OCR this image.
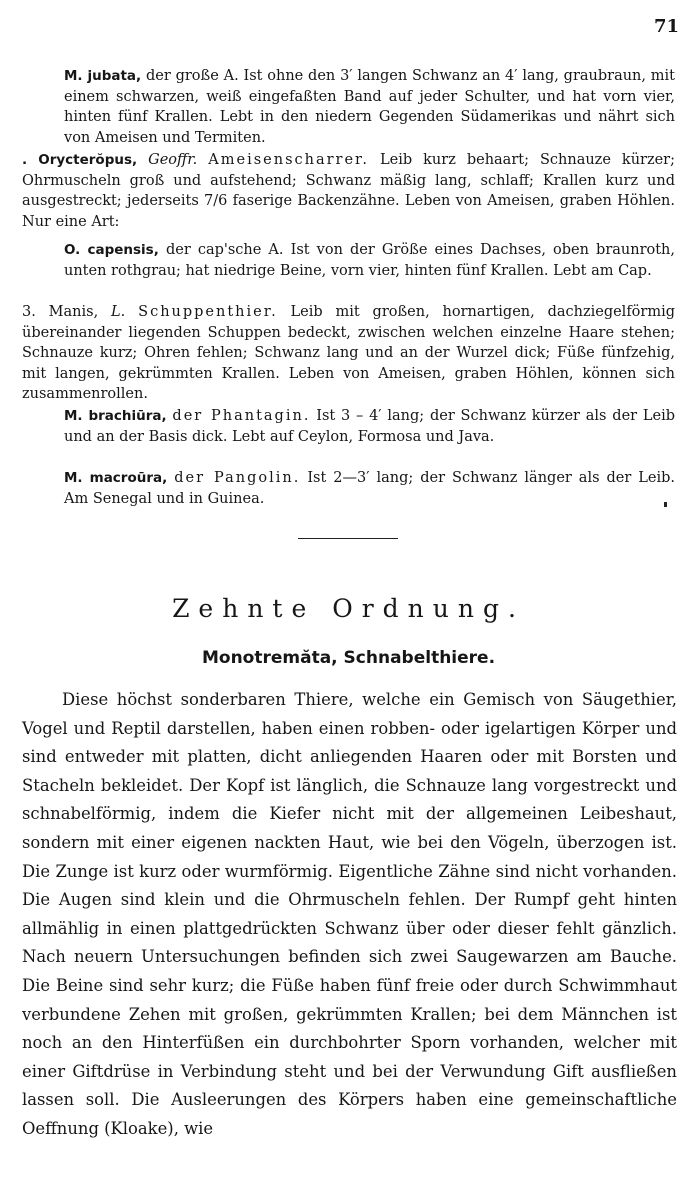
71

M. jubata, der große A. Ist ohne den 3′ langen Schwanz an 4′ lang, graubraun, mit einem schwarzen, weiß eingefaßten Band auf jeder Schulter, und hat vorn vier, hinten fünf Krallen. Lebt in den niedern Gegenden Südamerikas und nährt sich von Ameisen und Termiten.

. Orycterŏpus, Geoffr. Ameisenscharrer. Leib kurz behaart; Schnauze kürzer; Ohrmuscheln groß und aufstehend; Schwanz mäßig lang, schlaff; Krallen kurz und ausgestreckt; jederseits 7/6 faserige Backenzähne. Leben von Ameisen, graben Höhlen. Nur eine Art:

O. capensis, der cap'sche A. Ist von der Größe eines Dachses, oben braunroth, unten rothgrau; hat niedrige Beine, vorn vier, hinten fünf Krallen. Lebt am Cap.

3. Manis, L. Schuppenthier. Leib mit großen, hornartigen, dachziegelförmig übereinander liegenden Schuppen bedeckt, zwischen welchen einzelne Haare stehen; Schnauze kurz; Ohren fehlen; Schwanz lang und an der Wurzel dick; Füße fünfzehig, mit langen, gekrümmten Krallen. Leben von Ameisen, graben Höhlen, können sich zusammenrollen.

M. brachiūra, der Phantagin. Ist 3 – 4′ lang; der Schwanz kürzer als der Leib und an der Basis dick. Lebt auf Ceylon, Formosa und Java.

M. macroūra, der Pangolin. Ist 2—3′ lang; der Schwanz länger als der Leib. Am Senegal und in Guinea.

Zehnte Ordnung.
Monotremăta, Schnabelthiere.

Diese höchst sonderbaren Thiere, welche ein Gemisch von Säugethier, Vogel und Reptil darstellen, haben einen robben- oder igelartigen Körper und sind entweder mit platten, dicht anliegenden Haaren oder mit Borsten und Stacheln bekleidet. Der Kopf ist länglich, die Schnauze lang vorgestreckt und schnabelförmig, indem die Kiefer nicht mit der allgemeinen Leibeshaut, sondern mit einer eigenen nackten Haut, wie bei den Vögeln, überzogen ist. Die Zunge ist kurz oder wurmförmig. Eigentliche Zähne sind nicht vorhanden. Die Augen sind klein und die Ohrmuscheln fehlen. Der Rumpf geht hinten allmählig in einen plattgedrückten Schwanz über oder dieser fehlt gänzlich. Nach neuern Untersuchungen befinden sich zwei Saugewarzen am Bauche. Die Beine sind sehr kurz; die Füße haben fünf freie oder durch Schwimmhaut verbundene Zehen mit großen, gekrümmten Krallen; bei dem Männchen ist noch an den Hinterfüßen ein durchbohrter Sporn vorhanden, welcher mit einer Giftdrüse in Verbindung steht und bei der Verwundung Gift ausfließen lassen soll. Die Ausleerungen des Körpers haben eine gemeinschaftliche Oeffnung (Kloake), wie
